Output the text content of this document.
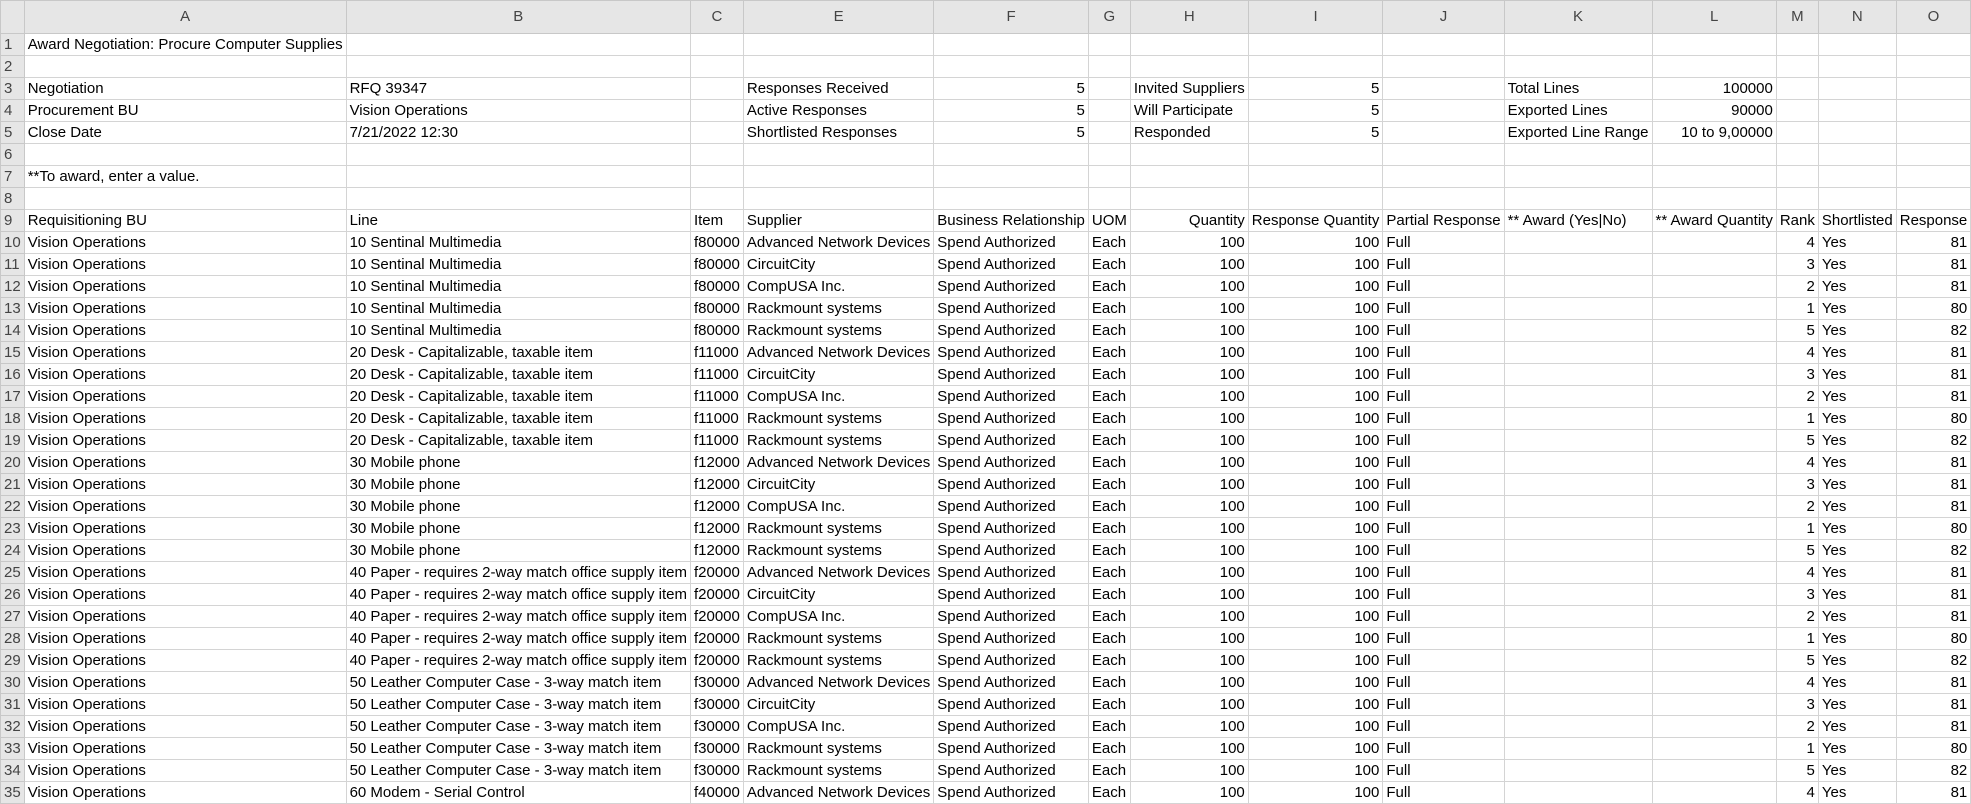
	A	B	C	E	F	G	H	I	J	K	L	M	N	O
1	Award Negotiation: Procure Computer Supplies													
2														
3	Negotiation	RFQ 39347		Responses Received	5		Invited Suppliers	5		Total Lines	100000			
4	Procurement BU	Vision Operations		Active Responses	5		Will Participate	5		Exported Lines	90000			
5	Close Date	7/21/2022 12:30		Shortlisted Responses	5		Responded	5		Exported Line Range	10 to 9,00000			
6														
7	**To award, enter a value.													
8														
9	Requisitioning BU	Line	Item	Supplier	Business Relationship	UOM	Quantity	Response Quantity	Partial Response	** Award (Yes|No)	** Award Quantity	Rank	Shortlisted	Response
10	Vision Operations	10 Sentinal Multimedia	f80000	Advanced Network Devices	Spend Authorized	Each	100	100	Full			4	Yes	81
11	Vision Operations	10 Sentinal Multimedia	f80000	CircuitCity	Spend Authorized	Each	100	100	Full			3	Yes	81
12	Vision Operations	10 Sentinal Multimedia	f80000	CompUSA Inc.	Spend Authorized	Each	100	100	Full			2	Yes	81
13	Vision Operations	10 Sentinal Multimedia	f80000	Rackmount systems	Spend Authorized	Each	100	100	Full			1	Yes	80
14	Vision Operations	10 Sentinal Multimedia	f80000	Rackmount systems	Spend Authorized	Each	100	100	Full			5	Yes	82
15	Vision Operations	20 Desk - Capitalizable, taxable item	f11000	Advanced Network Devices	Spend Authorized	Each	100	100	Full			4	Yes	81
16	Vision Operations	20 Desk - Capitalizable, taxable item	f11000	CircuitCity	Spend Authorized	Each	100	100	Full			3	Yes	81
17	Vision Operations	20 Desk - Capitalizable, taxable item	f11000	CompUSA Inc.	Spend Authorized	Each	100	100	Full			2	Yes	81
18	Vision Operations	20 Desk - Capitalizable, taxable item	f11000	Rackmount systems	Spend Authorized	Each	100	100	Full			1	Yes	80
19	Vision Operations	20 Desk - Capitalizable, taxable item	f11000	Rackmount systems	Spend Authorized	Each	100	100	Full			5	Yes	82
20	Vision Operations	30 Mobile phone	f12000	Advanced Network Devices	Spend Authorized	Each	100	100	Full			4	Yes	81
21	Vision Operations	30 Mobile phone	f12000	CircuitCity	Spend Authorized	Each	100	100	Full			3	Yes	81
22	Vision Operations	30 Mobile phone	f12000	CompUSA Inc.	Spend Authorized	Each	100	100	Full			2	Yes	81
23	Vision Operations	30 Mobile phone	f12000	Rackmount systems	Spend Authorized	Each	100	100	Full			1	Yes	80
24	Vision Operations	30 Mobile phone	f12000	Rackmount systems	Spend Authorized	Each	100	100	Full			5	Yes	82
25	Vision Operations	40 Paper - requires 2-way match office supply item	f20000	Advanced Network Devices	Spend Authorized	Each	100	100	Full			4	Yes	81
26	Vision Operations	40 Paper - requires 2-way match office supply item	f20000	CircuitCity	Spend Authorized	Each	100	100	Full			3	Yes	81
27	Vision Operations	40 Paper - requires 2-way match office supply item	f20000	CompUSA Inc.	Spend Authorized	Each	100	100	Full			2	Yes	81
28	Vision Operations	40 Paper - requires 2-way match office supply item	f20000	Rackmount systems	Spend Authorized	Each	100	100	Full			1	Yes	80
29	Vision Operations	40 Paper - requires 2-way match office supply item	f20000	Rackmount systems	Spend Authorized	Each	100	100	Full			5	Yes	82
30	Vision Operations	50 Leather Computer Case - 3-way match item	f30000	Advanced Network Devices	Spend Authorized	Each	100	100	Full			4	Yes	81
31	Vision Operations	50 Leather Computer Case - 3-way match item	f30000	CircuitCity	Spend Authorized	Each	100	100	Full			3	Yes	81
32	Vision Operations	50 Leather Computer Case - 3-way match item	f30000	CompUSA Inc.	Spend Authorized	Each	100	100	Full			2	Yes	81
33	Vision Operations	50 Leather Computer Case - 3-way match item	f30000	Rackmount systems	Spend Authorized	Each	100	100	Full			1	Yes	80
34	Vision Operations	50 Leather Computer Case - 3-way match item	f30000	Rackmount systems	Spend Authorized	Each	100	100	Full			5	Yes	82
35	Vision Operations	60 Modem - Serial Control	f40000	Advanced Network Devices	Spend Authorized	Each	100	100	Full			4	Yes	81
